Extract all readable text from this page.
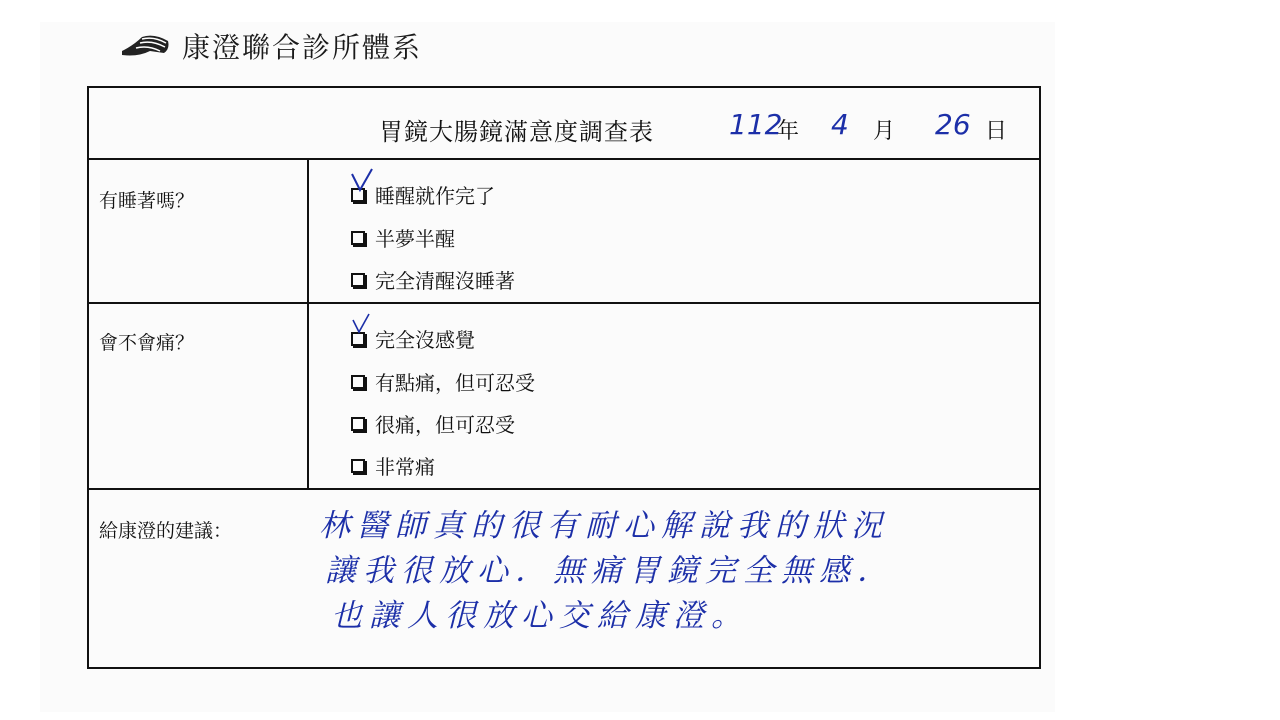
康澄聯合診所體系
胃鏡大腸鏡滿意度調查表	112
年 4 月 26 日
有睡著嗎？	睡醒就作完了
半夢半醒
完全清醒沒睡著
會不會痛？	完全沒感覺
有點痛，但可忍受
很痛，但可忍受
非常痛
給康澄的建議：	林醫師真的很有耐心解說我的狀況
讓我很放心．無痛胃鏡完全無感．
也讓人很放心交給康澄。
